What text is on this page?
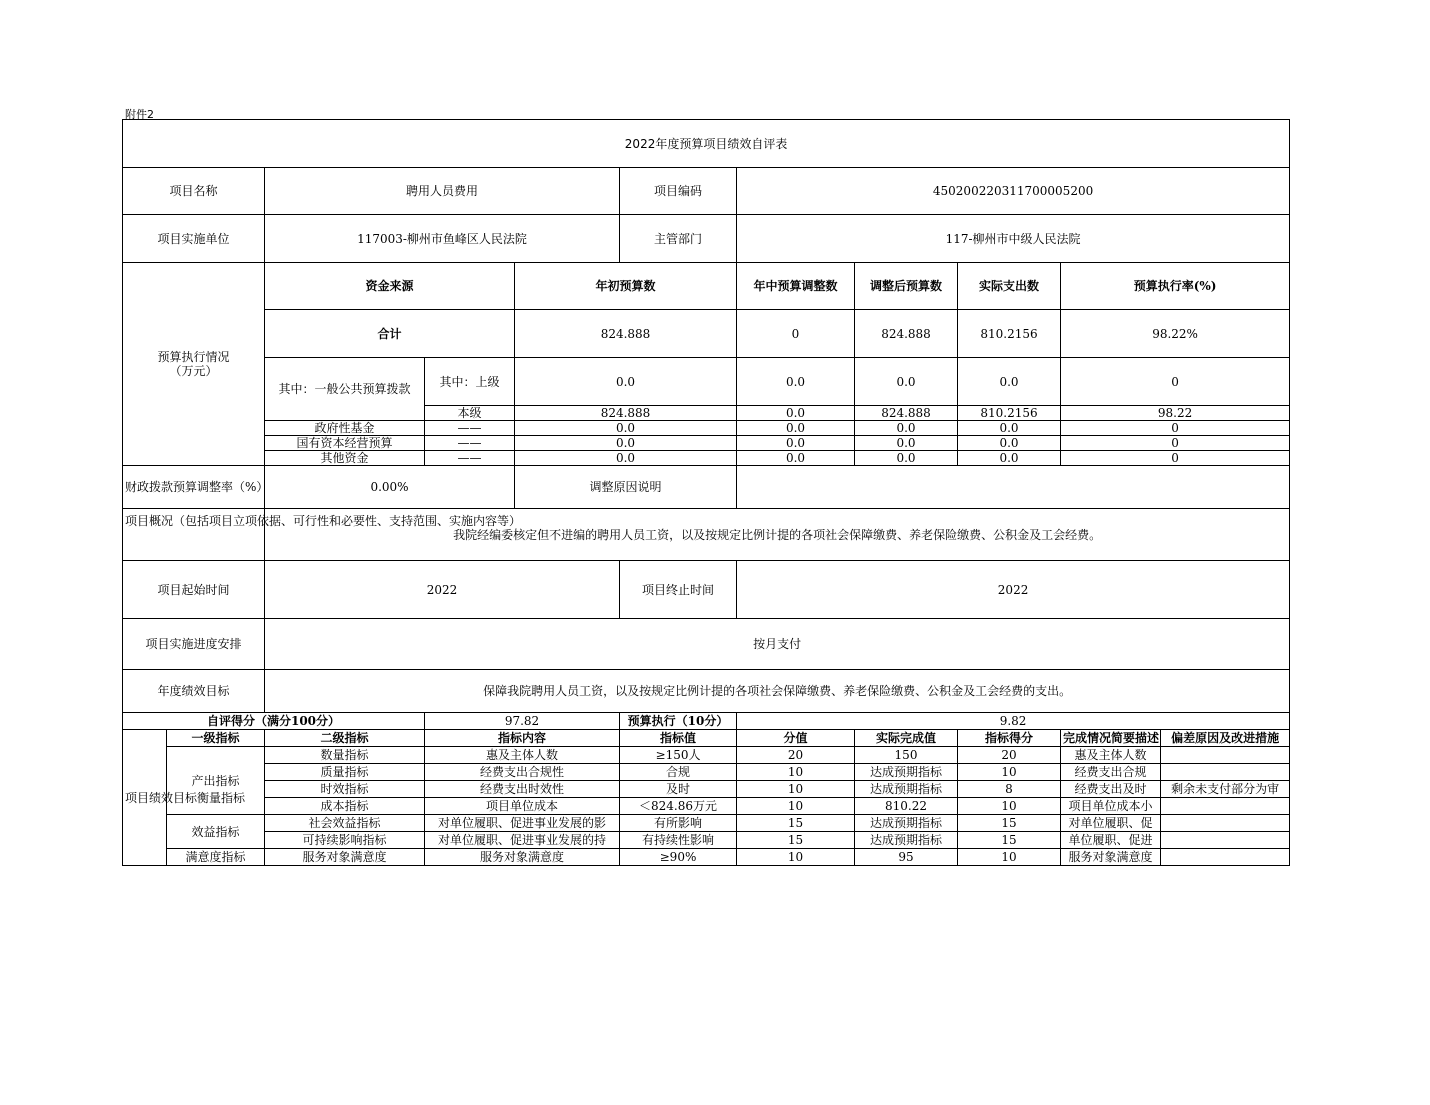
附件2
2022年度预算项目绩效自评表										
项目名称		聘用人员费用			项目编码	450200220311700005200				
项目实施单位		117003-柳州市鱼峰区人民法院			主管部门	117-柳州市中级人民法院				
预算执行情况
（万元）		资金来源		年初预算数		年中预算调整数	调整后预算数	实际支出数	预算执行率(%)	
		合计		824.888		0	824.888	810.2156	98.22%	
		其中：一般公共预算拨款	其中：上级	0.0		0.0	0.0	0.0	0	
			本级	824.888		0.0	824.888	810.2156	98.22	
		政府性基金	——	0.0		0.0	0.0	0.0	0	
		国有资本经营预算	——	0.0		0.0	0.0	0.0	0	
		其他资金	——	0.0		0.0	0.0	0.0	0	

财政拨款预算调整率（%）		0.00%		调整原因说明						

项目概况（包括项目立项依据、可行性和必要性、支持范围、实施内容等）		我院经编委核定但不进编的聘用人员工资，以及按规定比例计提的各项社会保障缴费、养老保险缴费、公积金及工会经费。								
项目起始时间		2022			项目终止时间	2022				
项目实施进度安排		按月支付								
年度绩效目标		保障我院聘用人员工资，以及按规定比例计提的各项社会保障缴费、养老保险缴费、公积金及工会经费的支出。								
自评得分（满分100分）			97.82		预算执行（10分）	9.82				
项目绩效目标衡量指标	一级指标	二级指标	指标内容		指标值	分值	实际完成值	指标得分	完成情况简要描述	偏差原因及改进措施
	产出指标	数量指标	惠及主体人数		≥150人	20	150	20	惠及主体人数	
		质量指标	经费支出合规性		合规	10	达成预期指标	10	经费支出合规	
		时效指标	经费支出时效性		及时	10	达成预期指标	8	经费支出及时	剩余未支付部分为审
		成本指标	项目单位成本		＜824.86万元	10	810.22	10	项目单位成本小	
	效益指标	社会效益指标	对单位履职、促进事业发展的影		有所影响	15	达成预期指标	15	对单位履职、促	
		可持续影响指标	对单位履职、促进事业发展的持		有持续性影响	15	达成预期指标	15	单位履职、促进	
	满意度指标	服务对象满意度	服务对象满意度		≥90%	10	95	10	服务对象满意度	
